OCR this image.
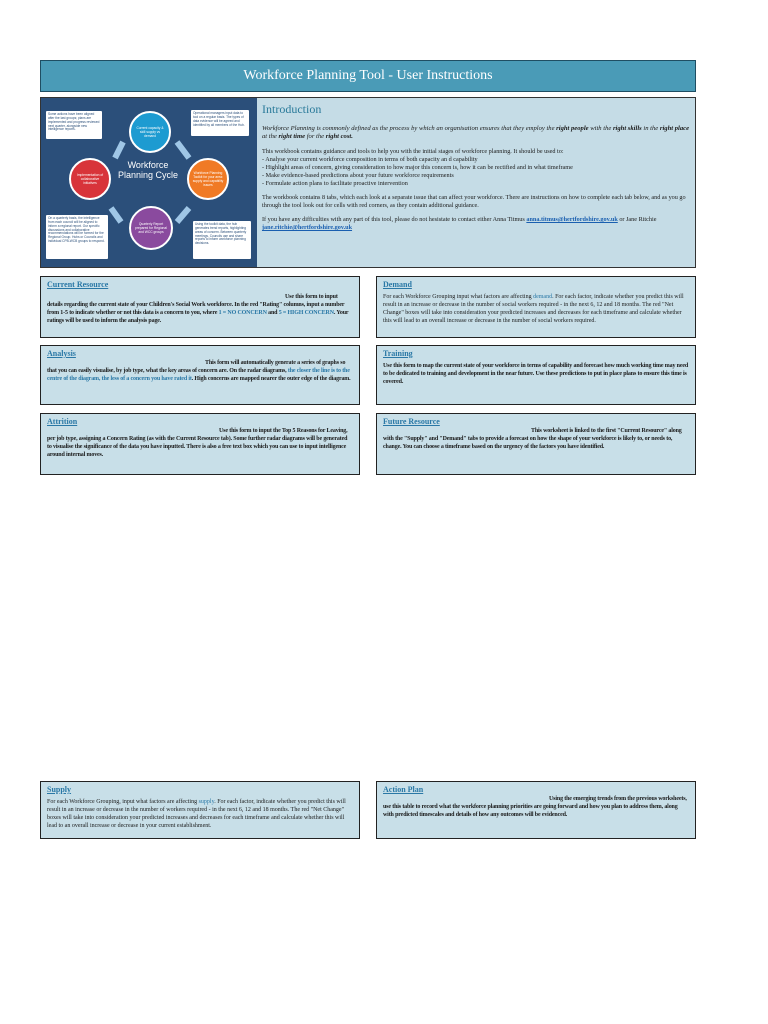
Workforce Planning Tool - User Instructions
Some actions have been aligned after the last groups; plans are implemented and progress reviewed next quarter, alongside new intelligence reports.
Operational managers input data to tool on a regular basis. The types of data evidence will be agreed and identified by all members of the Hub.
Using the toolkit data, the hub generates trend reports, highlighting areas of concern. Between quarterly meetings, Councils use and share reports to inform workforce planning decisions.
On a quarterly basis, the intelligence from each council will be aligned to inform a regional report. Our specific discussions and collaborative recommendations will be formed for the Regional Group. Hubs or Councils and individual CPB-WCB groups to respond.
Current capacity & skill supply vs demand
Workforce Planning Toolkit for your area: supply and capability issues
Quarterly Report prepared for Regional and WCC groups
Implementation of collaborative initiatives
Workforce Planning Cycle
Introduction

Workforce Planning is commonly defined as the process by which an organisation ensures that they employ the right people with the right skills in the right place at the right time for the right cost.

This workbook contains guidance and tools to help you with the initial stages of workforce planning. It should be used to:
- Analyse your current workforce composition in terms of both capacity an d capability
- Highlight areas of concern, giving consideration to how major this concern is, how it can be rectified and in what timeframe
- Make evidence-based predictions about your future workforce requirements
- Formulate action plans to facilitate proactive intervention

The workbook contains 8 tabs, which each look at a separate issue that can affect your workforce. There are instructions on how to complete each tab below, and as you go through the tool look out for cells with red corners, as they contain additional guidance.

If you have any difficulties with any part of this tool, please do not hesistate to contact either Anna Titmus anna.titmus@hertfordshire.gov.uk or Jane Ritchie jane.ritchie@hertfordshire.gov.uk

Current Resource

Use this form to input details regarding the current state of your Children's Social Work workforce. In the red "Rating" columns, input a number from 1-5 to indicate whether or not this data is a concern to you, where 1 = NO CONCERN and 5 = HIGH CONCERN. Your ratings will be used to inform the analysis page.

Demand

For each Workforce Grouping input what factors are affecting demand. For each factor, indicate whether you predict this will result in an increase or decrease in the number of social workers required - in the next 6, 12 and 18 months. The red "Net Change" boxes will take into consideration your predicted increases and decreases for each timeframe and calculate whether this will lead to an overall increase or decrease in the number of social workers required.

Analysis

This form will automatically generate a series of graphs so that you can easily visualise, by job type, what the key areas of concern are. On the radar diagrams, the closer the line is to the centre of the diagram, the less of a concern you have rated it. High concerns are mapped nearer the outer edge of the diagram.

Training

Use this form to map the current state of your workforce in terms of capability and forecast how much working time may need to be dedicated to training and development in the near future. Use these predictions to put in place plans to ensure this time is covered.

Attrition

Use this form to input the Top 5 Reasons for Leaving, per job type, assigning a Concern Rating (as with the Current Resource tab). Some further radar diagrams will be generated to visualise the significance of the data you have inputted. There is also a free text box which you can use to input intelligence around internal moves.

Future Resource

This worksheet is linked to the first "Current Resource" along with the "Supply" and "Demand" tabs to provide a forecast on how the shape of your workforce is likely to, or needs to, change. You can choose a timeframe based on the urgency of the factors you have identified.

Supply

For each Workforce Grouping, input what factors are affecting supply. For each factor, indicate whether you predict this will result in an increase or decrease in the number of workers required - in the next 6, 12 and 18 months. The red "Net Change" boxes will take into consideration your predicted increases and decreases for each timeframe and calculate whether this will lead to an overall increase or decrease in your current establishment.

Action Plan

Using the emerging trends from the previous worksheets, use this table to record what the workforce planning priorities are going forward and how you plan to address them, along with predicted timescales and details of how any outcomes will be evidenced.
